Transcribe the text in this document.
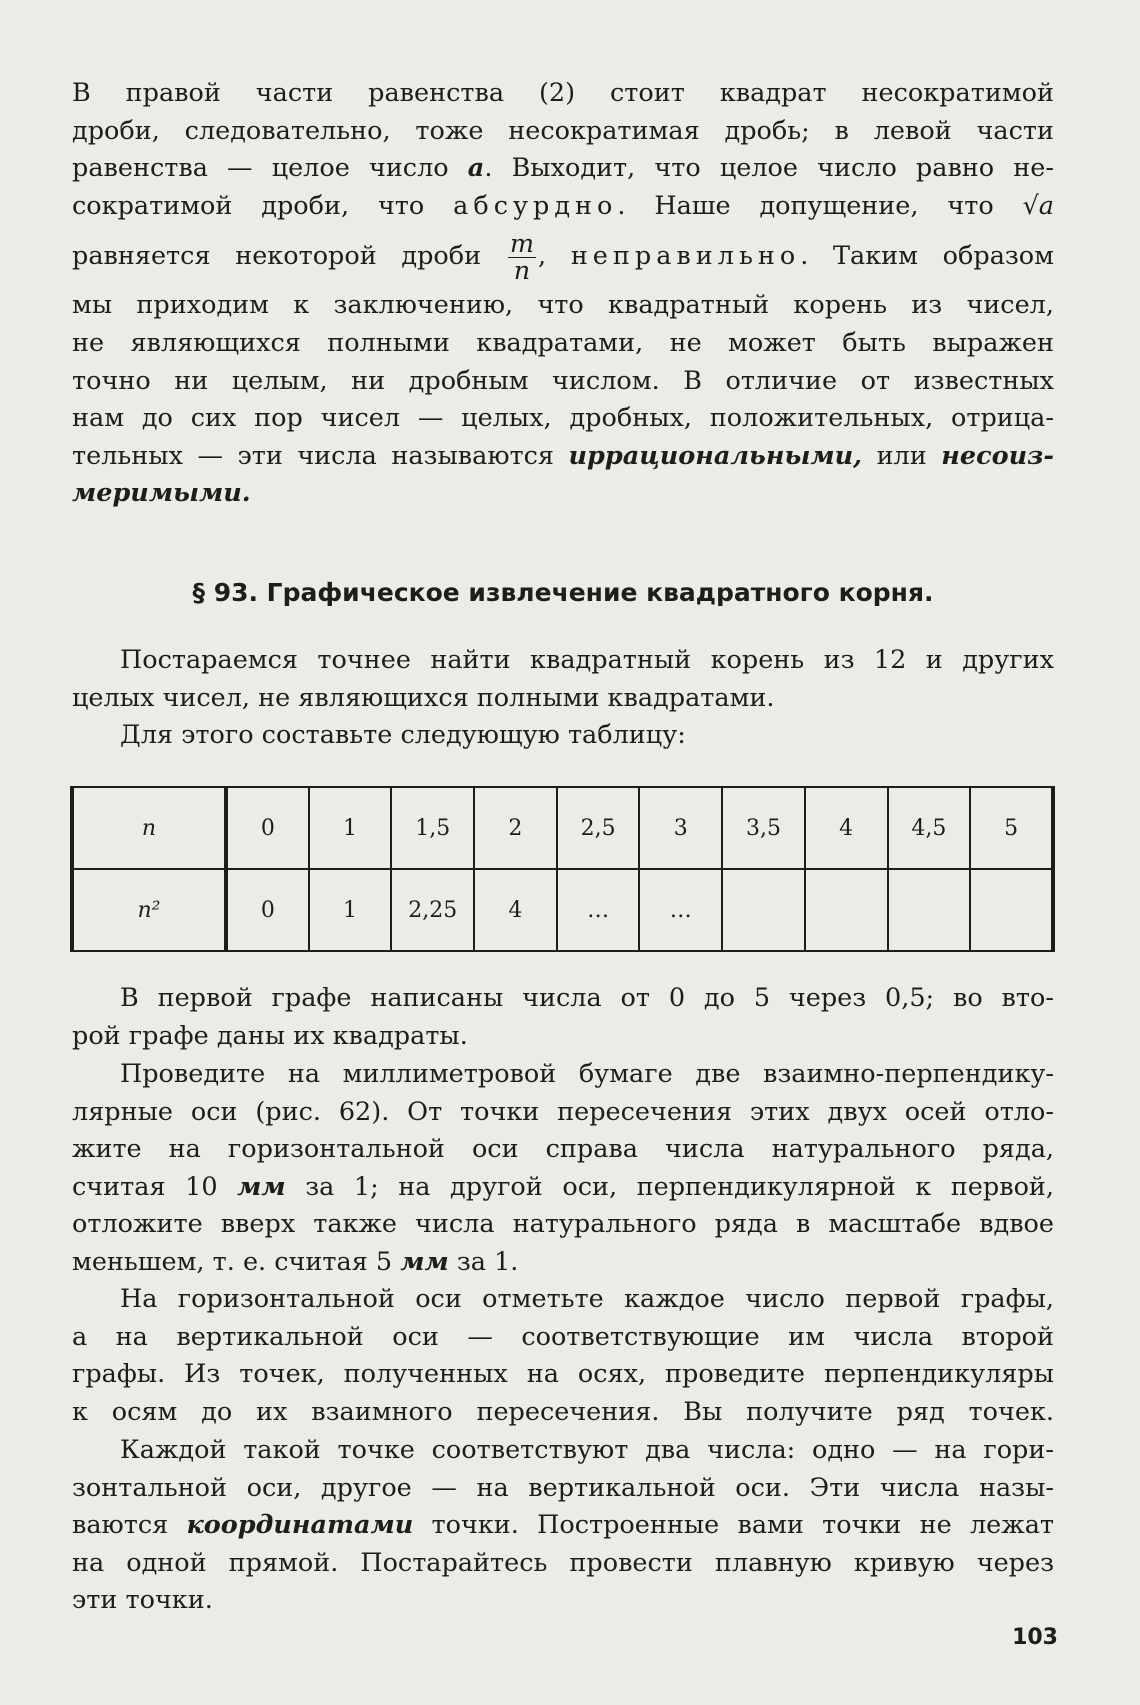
В правой части равенства (2) стоит квадрат несократимой

дроби, следовательно, тоже несократимая дробь; в левой части

равенства — целое число a. Выходит, что целое число равно не-

сократимой дроби, что абсурдно. Наше допущение, что √a

равняется некоторой дроби $\frac{m}{n}$ , неправильно. Таким образом

мы приходим к заключению, что квадратный корень из чисел,

не являющихся полными квадратами, не может быть выражен

точно ни целым, ни дробным числом. В отличие от известных

нам до сих пор чисел — целых, дробных, положительных, отрица-

тельных — эти числа называются иррациональными, или несоиз-

меримыми.

§ 93. Графическое извлечение квадратного корня.

Постараемся точнее найти квадратный корень из 12 и других

целых чисел, не являющихся полными квадратами.

Для этого составьте следующую таблицу:

n	0	1	1,5	2	2,5	3	3,5	4	4,5	5
n²	0	1	2,25	4	…	…				

В первой графе написаны числа от 0 до 5 через 0,5; во вто-

рой графе даны их квадраты.

Проведите на миллиметровой бумаге две взаимно-перпендику-

лярные оси (рис. 62). От точки пересечения этих двух осей отло-

жите на горизонтальной оси справа числа натурального ряда,

считая 10 мм за 1; на другой оси, перпендикулярной к первой,

отложите вверх также числа натурального ряда в масштабе вдвое

меньшем, т. е. считая 5 мм за 1.

На горизонтальной оси отметьте каждое число первой графы,

а на вертикальной оси — соответствующие им числа второй

графы. Из точек, полученных на осях, проведите перпендикуляры

к осям до их взаимного пересечения. Вы получите ряд точек.

Каждой такой точке соответствуют два числа: одно — на гори-

зонтальной оси, другое — на вертикальной оси. Эти числа назы-

ваются координатами точки. Построенные вами точки не лежат

на одной прямой. Постарайтесь провести плавную кривую через

эти точки.

103
